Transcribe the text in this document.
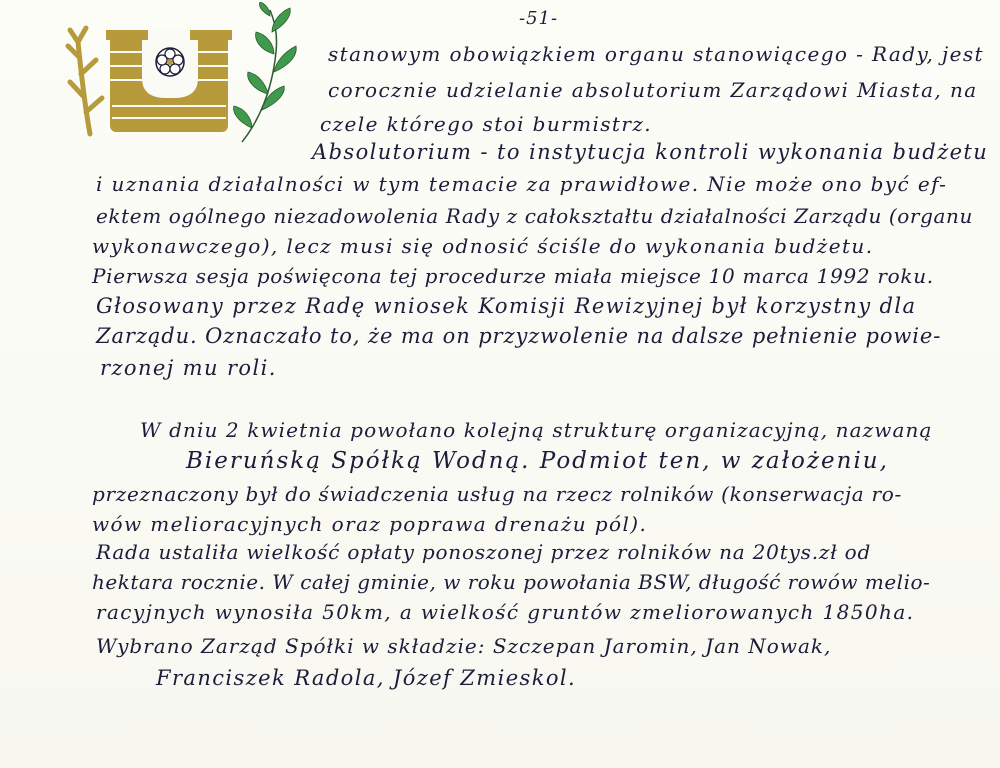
-51-
stanowym obowiązkiem organu stanowiącego - Rady, jest
corocznie udzielanie absolutorium Zarządowi Miasta, na
czele którego stoi burmistrz.
Absolutorium - to instytucja kontroli wykonania budżetu
i uznania działalności w tym temacie za prawidłowe. Nie może ono być ef-
ektem ogólnego niezadowolenia Rady z całokształtu działalności Zarządu (organu
wykonawczego), lecz musi się odnosić ściśle do wykonania budżetu.
Pierwsza sesja poświęcona tej procedurze miała miejsce 10 marca 1992 roku.
Głosowany przez Radę wniosek Komisji Rewizyjnej był korzystny dla
Zarządu. Oznaczało to, że ma on przyzwolenie na dalsze pełnienie powie-
rzonej mu roli.
W dniu 2 kwietnia powołano kolejną strukturę organizacyjną, nazwaną
Bieruńską Spółką Wodną. Podmiot ten, w założeniu,
przeznaczony był do świadczenia usług na rzecz rolników (konserwacja ro-
wów melioracyjnych oraz poprawa drenażu pól).
Rada ustaliła wielkość opłaty ponoszonej przez rolników na 20tys.zł od
hektara rocznie. W całej gminie, w roku powołania BSW, długość rowów melio-
racyjnych wynosiła 50km, a wielkość gruntów zmeliorowanych 1850ha.
Wybrano Zarząd Spółki w składzie: Szczepan Jaromin, Jan Nowak,
Franciszek Radola, Józef Zmieskol.
